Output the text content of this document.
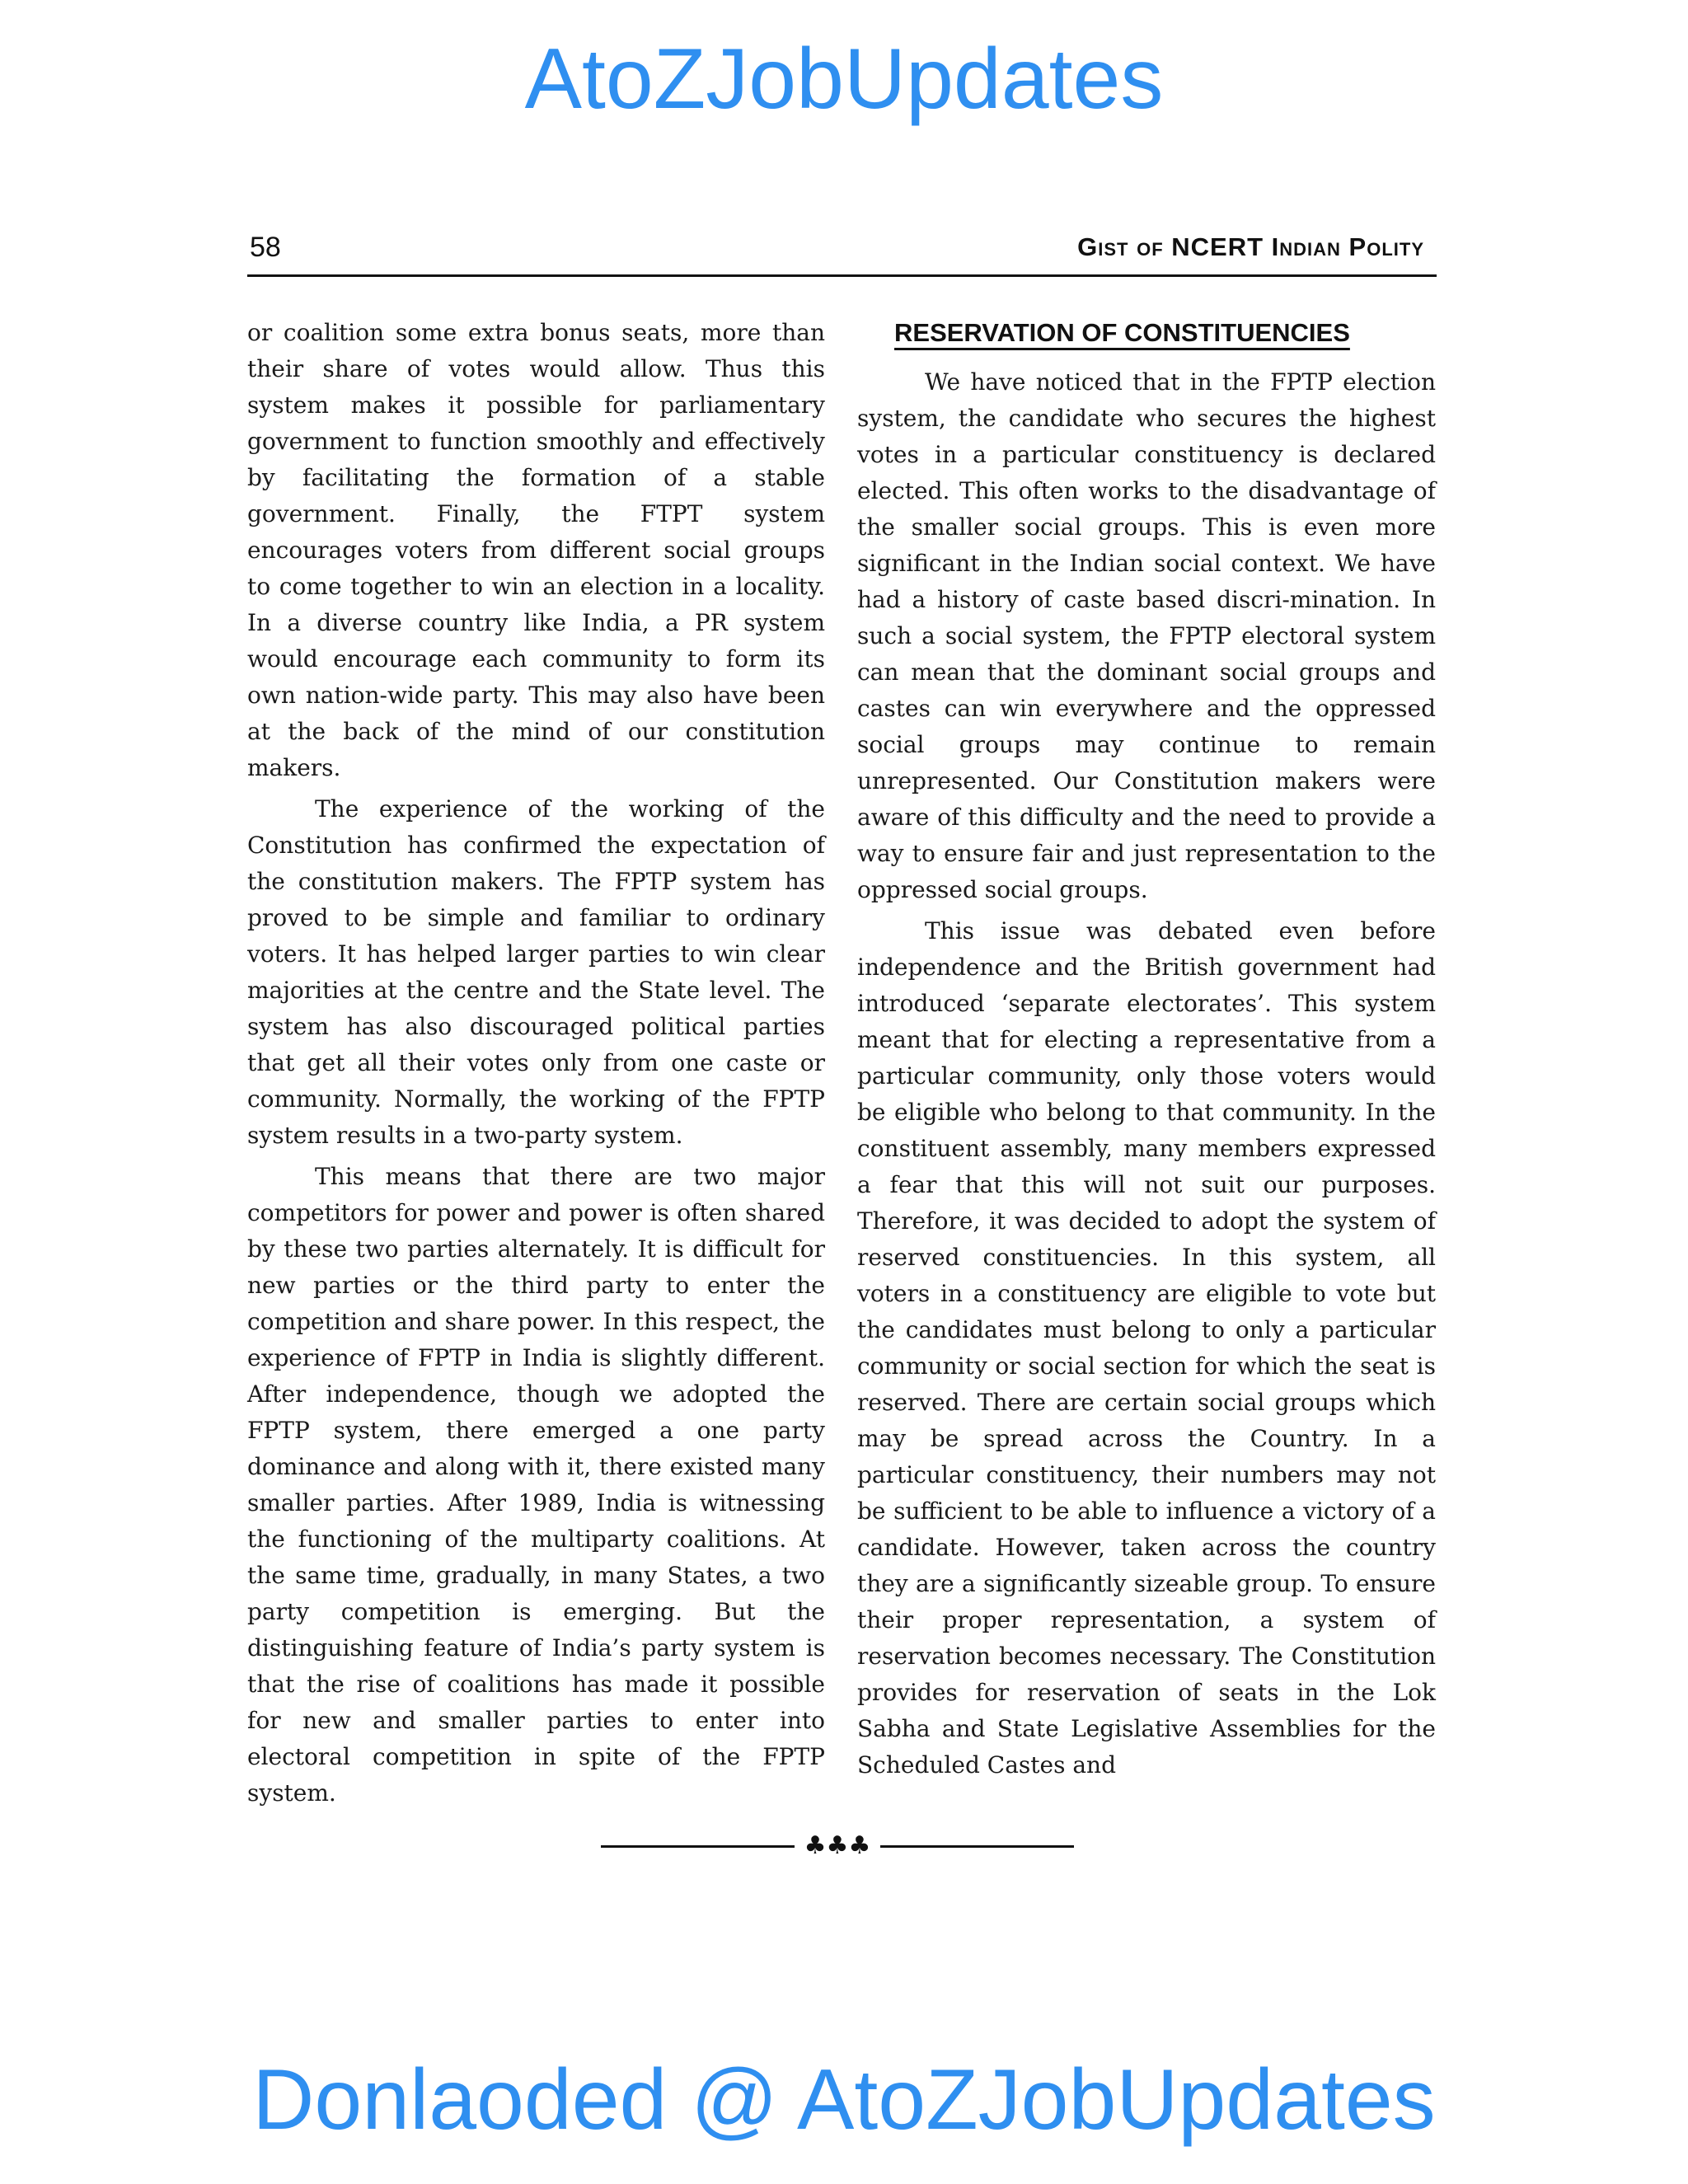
AtoZJobUpdates
58	Gist of NCERT Indian Polity

or coalition some extra bonus seats, more than their share of votes would allow. Thus this system makes it possible for parliamentary government to function smoothly and effectively by facilitating the formation of a stable government. Finally, the FTPT system encourages voters from different social groups to come together to win an election in a locality. In a diverse country like India, a PR system would encourage each community to form its own nation-wide party. This may also have been at the back of the mind of our constitution makers.

The experience of the working of the Constitution has confirmed the expectation of the constitution makers. The FPTP system has proved to be simple and familiar to ordinary voters. It has helped larger parties to win clear majorities at the centre and the State level. The system has also discouraged political parties that get all their votes only from one caste or community. Normally, the working of the FPTP system results in a two-party system.

This means that there are two major competitors for power and power is often shared by these two parties alternately. It is difficult for new parties or the third party to enter the competition and share power. In this respect, the experience of FPTP in India is slightly different. After independence, though we adopted the FPTP system, there emerged a one party dominance and along with it, there existed many smaller parties. After 1989, India is witnessing the functioning of the multiparty coalitions. At the same time, gradually, in many States, a two party competition is emerging. But the distinguishing feature of India’s party system is that the rise of coalitions has made it possible for new and smaller parties to enter into electoral competition in spite of the FPTP system.

RESERVATION OF CONSTITUENCIES

We have noticed that in the FPTP election system, the candidate who secures the highest votes in a particular constituency is declared elected. This often works to the disadvantage of the smaller social groups. This is even more significant in the Indian social context. We have had a history of caste based discri-mination. In such a social system, the FPTP electoral system can mean that the dominant social groups and castes can win everywhere and the oppressed social groups may continue to remain unrepresented. Our Constitution makers were aware of this difficulty and the need to provide a way to ensure fair and just representation to the oppressed social groups.

This issue was debated even before independence and the British government had introduced ‘separate electorates’. This system meant that for electing a representative from a particular community, only those voters would be eligible who belong to that community. In the constituent assembly, many members expressed a fear that this will not suit our purposes. Therefore, it was decided to adopt the system of reserved constituencies. In this system, all voters in a constituency are eligible to vote but the candidates must belong to only a particular community or social section for which the seat is reserved. There are certain social groups which may be spread across the Country. In a particular constituency, their numbers may not be sufficient to be able to influence a victory of a candidate. However, taken across the country they are a significantly sizeable group. To ensure their proper representation, a system of reservation becomes necessary. The Constitution provides for reservation of seats in the Lok Sabha and State Legislative Assemblies for the Scheduled Castes and

♣♣♣
Donlaoded @ AtoZJobUpdates
